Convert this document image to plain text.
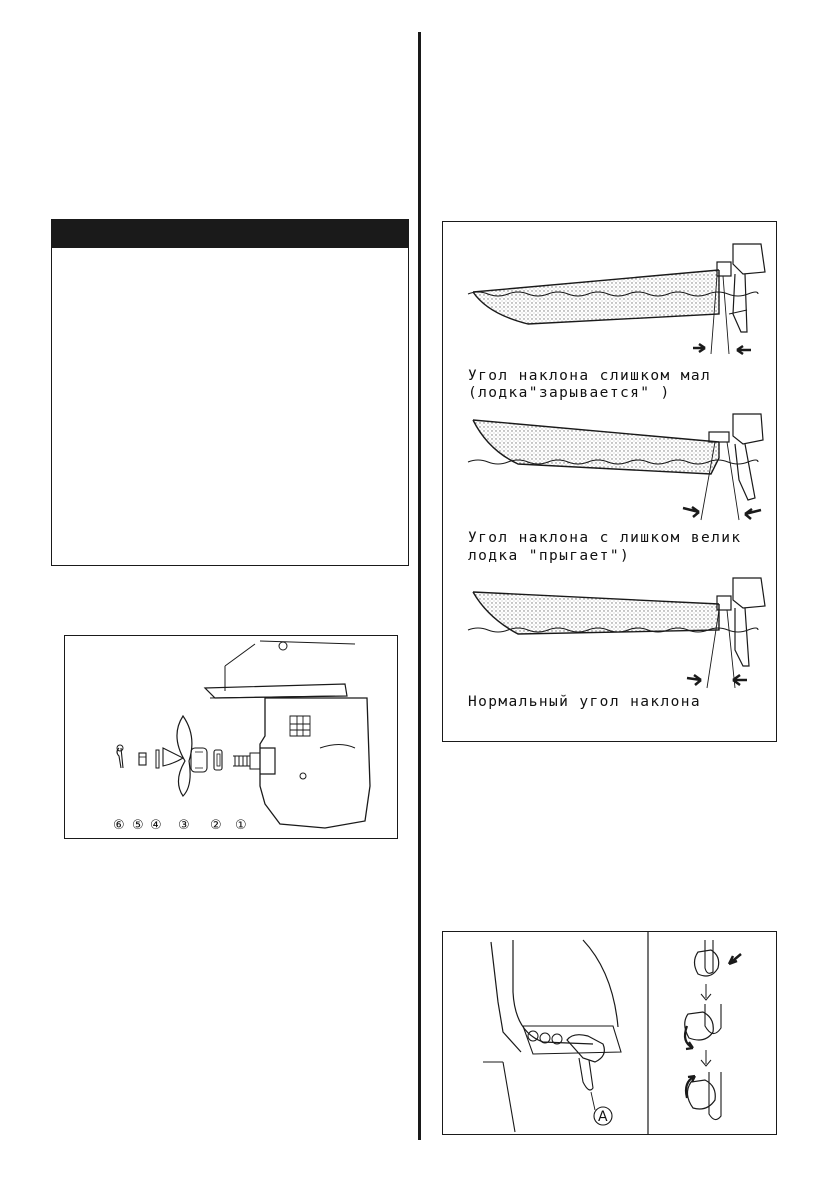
⑥ ⑤ ④ ③ ② ①
Угол наклона слишком мал
(лодка"зарывается" )
Угол наклона с лишком велик
лодка "прыгает")
Нормальный угол наклона
A
